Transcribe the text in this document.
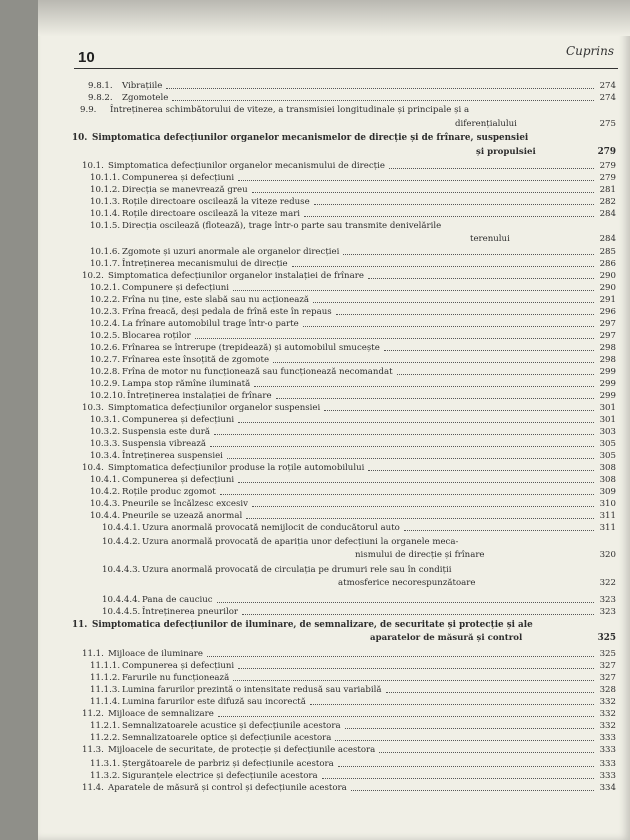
10	Cuprins
9.8.1. Vibrațiile	274
9.8.2. Zgomotele	274
9.9. Întreținerea schimbătorului de viteze, a transmisiei longitudinale și principale și a
diferențialului	275
10. Simptomatica defecțiunilor organelor mecanismelor de direcție și de frînare, suspensiei
și propulsiei	279
10.1. Simptomatica defecțiunilor organelor mecanismului de direcție	279
10.1.1. Compunerea și defecțiuni	279
10.1.2. Direcția se manevrează greu	281
10.1.3. Roțile directoare oscilează la viteze reduse	282
10.1.4. Roțile directoare oscilează la viteze mari	284
10.1.5. Direcția oscilează (flotează), trage într-o parte sau transmite denivelările
terenului	284
10.1.6. Zgomote și uzuri anormale ale organelor direcției	285
10.1.7. Întreținerea mecanismului de direcție	286
10.2. Simptomatica defecțiunilor organelor instalației de frînare	290
10.2.1. Compunere și defecțiuni	290
10.2.2. Frîna nu ține, este slabă sau nu acționează	291
10.2.3. Frîna freacă, deși pedala de frînă este în repaus	296
10.2.4. La frînare automobilul trage într-o parte	297
10.2.5. Blocarea roților	297
10.2.6. Frînarea se întrerupe (trepidează) și automobilul smucește	298
10.2.7. Frînarea este însoțită de zgomote	298
10.2.8. Frîna de motor nu funcționează sau funcționează necomandat	299
10.2.9. Lampa stop rămîne iluminată	299
10.2.10. Întreținerea instalației de frînare	299
10.3. Simptomatica defecțiunilor organelor suspensiei	301
10.3.1. Compunerea și defecțiuni	301
10.3.2. Suspensia este dură	303
10.3.3. Suspensia vibrează	305
10.3.4. Întreținerea suspensiei	305
10.4. Simptomatica defecțiunilor produse la roțile automobilului	308
10.4.1. Compunerea și defecțiuni	308
10.4.2. Roțile produc zgomot	309
10.4.3. Pneurile se încălzesc excesiv	310
10.4.4. Pneurile se uzează anormal	311
10.4.4.1. Uzura anormală provocată nemijlocit de conducătorul auto	311
10.4.4.2. Uzura anormală provocată de apariția unor defecțiuni la organele meca-
nismului de direcție și frînare	320
10.4.4.3. Uzura anormală provocată de circulația pe drumuri rele sau în condiții
atmosferice necorespunzătoare	322
10.4.4.4. Pana de cauciuc	323
10.4.4.5. Întreținerea pneurilor	323
11. Simptomatica defecțiunilor de iluminare, de semnalizare, de securitate și protecție și ale
aparatelor de măsură și control	325
11.1. Mijloace de iluminare	325
11.1.1. Compunerea și defecțiuni	327
11.1.2. Farurile nu funcționează	327
11.1.3. Lumina farurilor prezintă o intensitate redusă sau variabilă	328
11.1.4. Lumina farurilor este difuză sau incorectă	332
11.2. Mijloace de semnalizare	332
11.2.1. Semnalizatoarele acustice și defecțiunile acestora	332
11.2.2. Semnalizatoarele optice și defecțiunile acestora	333
11.3. Mijloacele de securitate, de protecție și defecțiunile acestora	333
11.3.1. Ștergătoarele de parbriz și defecțiunile acestora	333
11.3.2. Siguranțele electrice și defecțiunile acestora	333
11.4. Aparatele de măsură și control și defecțiunile acestora	334
